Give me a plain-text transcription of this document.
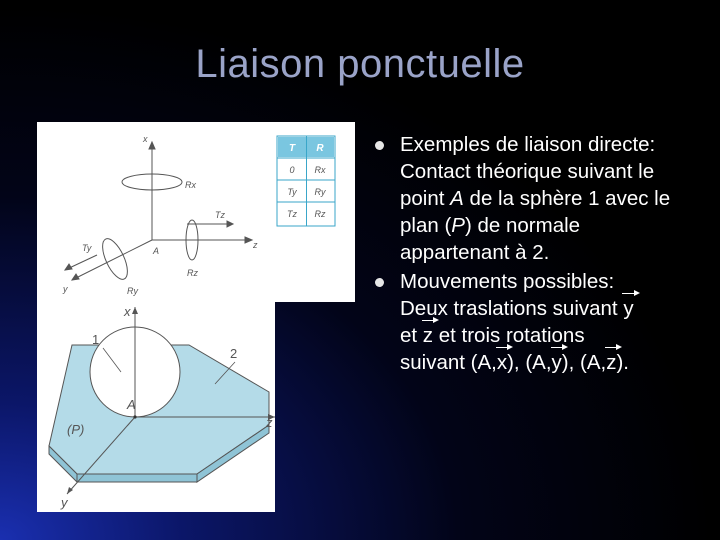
Liaison ponctuelle
x
z
y
A
Rx
Rz
Ry
Tz
Ty
T R
0 Rx
Ty Ry
Tz Rz
x
z
y
A
1
2
(P)
Exemples de liaison directe: Contact théorique suivant le point A de la sphère 1 avec le plan (P) de normale appartenant à 2.
Mouvements possibles:
Deux traslations suivant y
et z et trois rotations
suivant (A,x), (A,y), (A,z).
